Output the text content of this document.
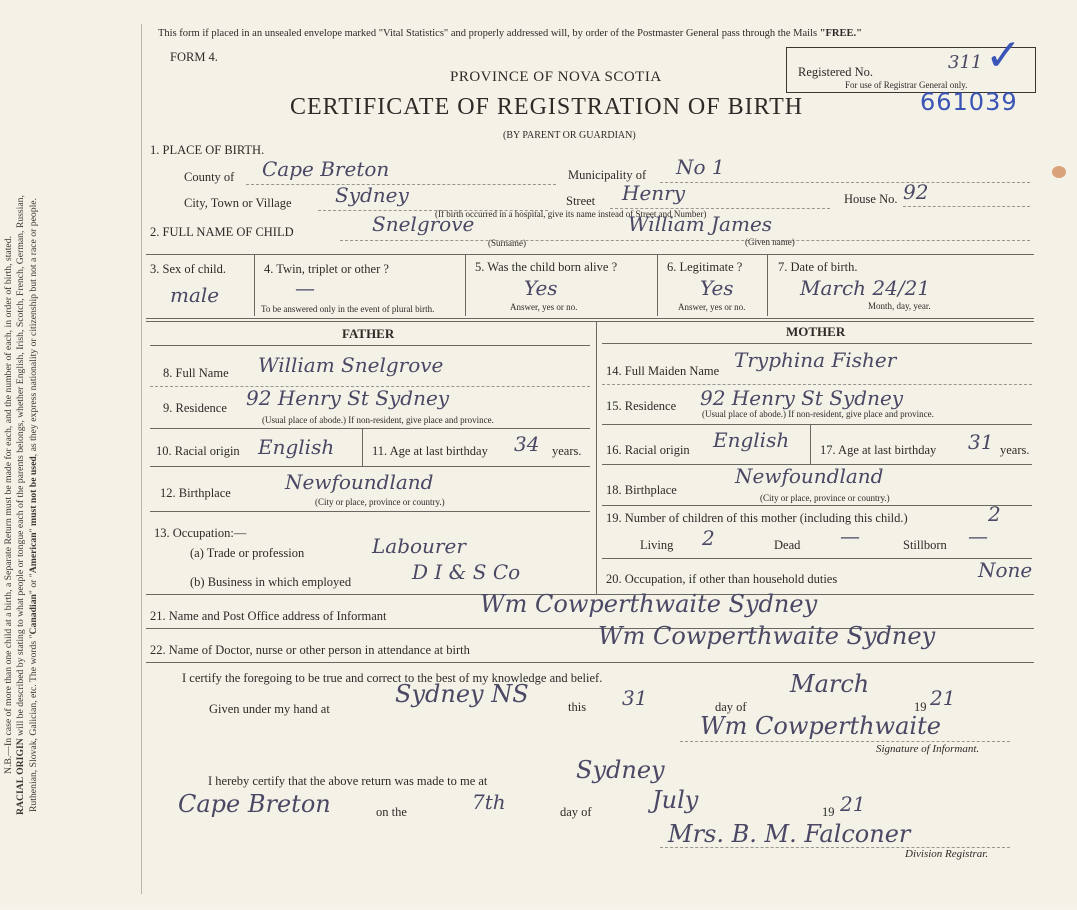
N.B.—In case of more than one child at a birth, a Separate Return must be made for each, and the number of each, in order of birth, stated.
RACIAL ORIGIN will be described by stating to what people or tongue each of the parents belongs, whether English, Irish, Scotch, French, German, Russian, Ruthenian, Slovak, Galician, etc. The words "Canadian" or "American" must not be used, as they express nationality or citizenship but not a race or people.
This form if placed in an unsealed envelope marked "Vital Statistics" and properly addressed will, by order of the Postmaster General pass through the Mails "FREE."
FORM 4.
PROVINCE OF NOVA SCOTIA
CERTIFICATE OF REGISTRATION OF BIRTH
(BY PARENT OR GUARDIAN)
Registered No.
For use of Registrar General only.
311 ✓
661039
1. PLACE OF BIRTH.
County of Cape Breton	Municipality of No 1
City, Town or Village Sydney	Street Henry	House No. 92
(If birth occurred in a hospital, give its name instead of Street and Number)
2. FULL NAME OF CHILD	Snelgrove	William James
(Surname)	(Given name)
3. Sex of child.
male
4. Twin, triplet or other ?
—
To be answered only in the event of plural birth.
5. Was the child born alive ?
Yes
Answer, yes or no.
6. Legitimate ?
Yes
Answer, yes or no.
7. Date of birth.
March 24/21
Month, day, year.
FATHER	MOTHER
8. Full Name William Snelgrove
9. Residence 92 Henry St Sydney
(Usual place of abode.) If non-resident, give place and province.
10. Racial origin English	11. Age at last birthday 34 years.
12. Birthplace	Newfoundland
(City or place, province or country.)
13. Occupation:—
(a) Trade or profession	Labourer
(b) Business in which employed	D I & S Co
14. Full Maiden Name Tryphina Fisher
15. Residence 92 Henry St Sydney
(Usual place of abode.) If non-resident, give place and province.
16. Racial origin English 17. Age at last birthday 31 years.
18. Birthplace
Newfoundland
(City or place, province or country.)
19. Number of children of this mother (including this child.)	2
Living 2	Dead —	Stillborn —
20. Occupation, if other than household duties	None
21. Name and Post Office address of Informant	Wm Cowperthwaite Sydney
22. Name of Doctor, nurse or other person in attendance at birth	Wm Cowperthwaite Sydney
I certify the foregoing to be true and correct to the best of my knowledge and belief.
Given under my hand at
Sydney NS	this 31	day of
March
19 21
Wm Cowperthwaite
Signature of Informant.
I hereby certify that the above return was made to me at	Sydney
Cape Breton	on the	7th	day of	July	19 21
Mrs. B. M. Falconer
Division Registrar.
